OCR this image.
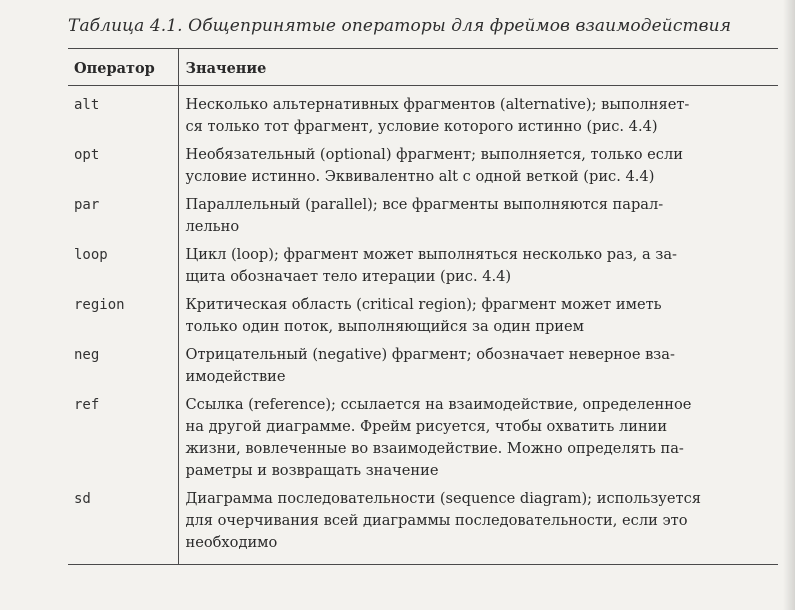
Таблица 4.1. Общепринятые операторы для фреймов взаимодействия
Оператор	Значение
alt	Несколько альтернативных фрагментов (alternative); выполняет-
ся только тот фрагмент, условие которого истинно (рис. 4.4)

opt	Необязательный (optional) фрагмент; выполняется, только если
условие истинно. Эквивалентно alt с одной веткой (рис. 4.4)

par	Параллельный (parallel); все фрагменты выполняются парал-
лельно

loop	Цикл (loop); фрагмент может выполняться несколько раз, а за-
щита обозначает тело итерации (рис. 4.4)

region	Критическая область (critical region); фрагмент может иметь
только один поток, выполняющийся за один прием

neg	Отрицательный (negative) фрагмент; обозначает неверное вза-
имодействие

ref	Ссылка (reference); ссылается на взаимодействие, определенное
на другой диаграмме. Фрейм рисуется, чтобы охватить линии
жизни, вовлеченные во взаимодействие. Можно определять па-
раметры и возвращать значение

sd	Диаграмма последовательности (sequence diagram); используется
для очерчивания всей диаграммы последовательности, если это
необходимо
